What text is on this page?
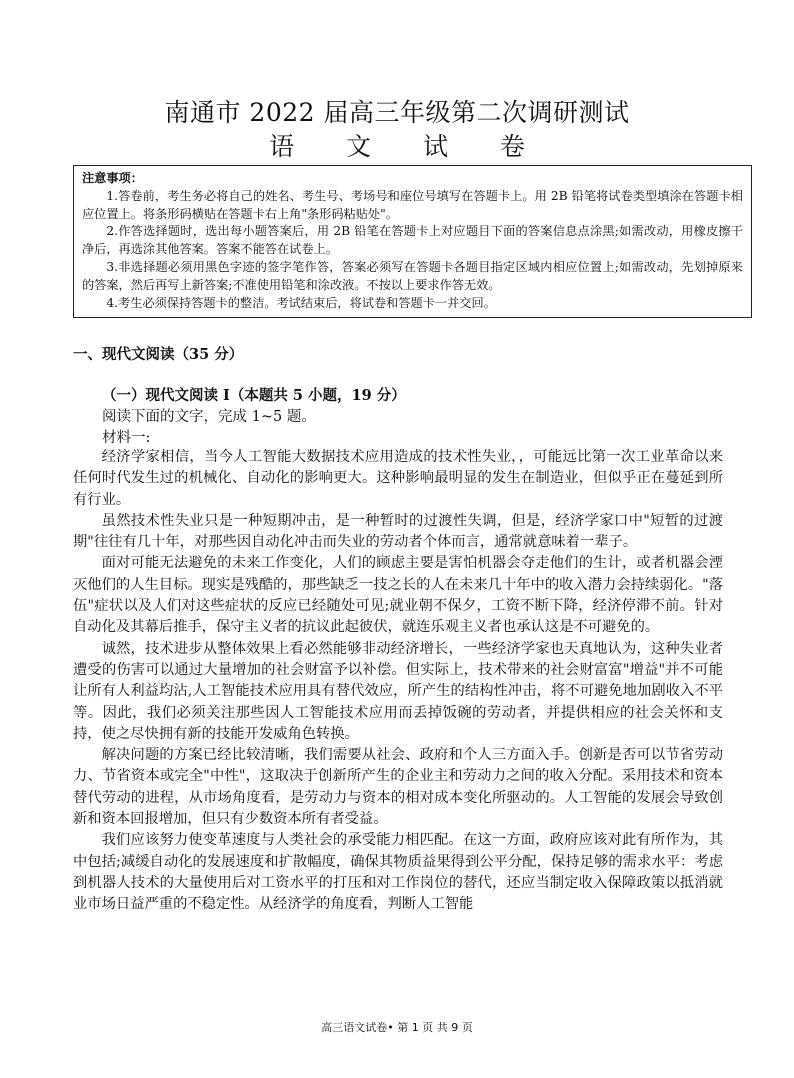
南通市 2022 届高三年级第二次调研测试
语 文 试 卷
注意事项：
1.答卷前，考生务必将自己的姓名、考生号、考场号和座位号填写在答题卡上。用 2B 铅笔将试卷类型填涂在答题卡相应位置上。将条形码横贴在答题卡右上角"条形码粘贴处"。
2.作答选择题时，选出每小题答案后，用 2B 铅笔在答题卡上对应题目下面的答案信息点涂黑;如需改动，用橡皮擦干净后，再选涂其他答案。答案不能答在试卷上。
3.非选择题必须用黑色字迹的签字笔作答，答案必须写在答题卡各题目指定区域内相应位置上;如需改动，先划掉原来的答案，然后再写上新答案;不准使用铅笔和涂改液。不按以上要求作答无效。
4.考生必须保持答题卡的整洁。考试结束后，将试卷和答题卡一并交回。
一、现代文阅读（35 分）
（一）现代文阅读 I（本题共 5 小题，19 分）
阅读下面的文字，完成 1~5 题。
材料一:

经济学家相信，当今人工智能大数据技术应用造成的技术性失业，，可能远比第一次工业革命以来任何时代发生过的机械化、自动化的影响更大。这种影响最明显的发生在制造业，但似乎正在蔓延到所有行业。

虽然技术性失业只是一种短期冲击，是一种暂时的过渡性失调，但是，经济学家口中"短暂的过渡期"往往有几十年，对那些因自动化冲击而失业的劳动者个体而言，通常就意味着一辈子。

面对可能无法避免的未来工作变化，人们的顾虑主要是害怕机器会夺走他们的生计，或者机器会湮灭他们的人生目标。现实是残酷的，那些缺乏一技之长的人在未来几十年中的收入潜力会持续弱化。"落伍"症状以及人们对这些症状的反应已经随处可见;就业朝不保夕，工资不断下降，经济停滞不前。针对自动化及其幕后推手，保守主义者的抗议此起彼伏，就连乐观主义者也承认这是不可避免的。

诚然，技术进步从整体效果上看必然能够非动经济增长，一些经济学家也天真地认为，这种失业者遭受的伤害可以通过大量增加的社会财富予以补偿。但实际上，技术带来的社会财富富"增益"并不可能让所有人利益均沾,人工智能技术应用具有替代效应，所产生的结构性冲击，将不可避免地加剧收入不平等。因此，我们必须关注那些因人工智能技术应用而丢掉饭碗的劳动者，并提供相应的社会关怀和支持，使之尽快拥有新的技能开发威角色转换。

解决问题的方案已经比较清晰，我们需要从社会、政府和个人三方面入手。创新是否可以节省劳动力、节省资本或完全"中性"，这取决于创新所产生的企业主和劳动力之间的收入分配。采用技术和资本替代劳动的进程，从市场角度看，是劳动力与资本的相对成本变化所驱动的。人工智能的发展会导致创新和资本回报增加，但只有少数资本所有者受益。

我们应该努力使变革速度与人类社会的承受能力相匹配。在这一方面，政府应该对此有所作为，其中包括;减缓自动化的发展速度和扩散幅度，确保其物质益果得到公平分配，保持足够的需求水平：考虑到机器人技术的大量使用后对工资水平的打压和对工作岗位的替代，还应当制定收入保障政策以抵消就业市场日益严重的不稳定性。从经济学的角度看，判断人工智能

高三语文试卷• 第 1 页 共 9 页
